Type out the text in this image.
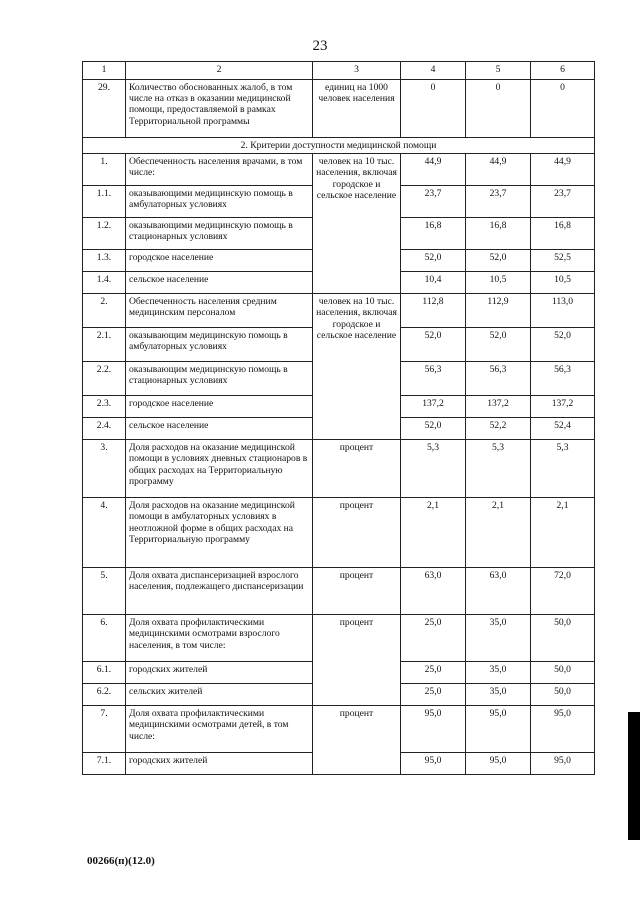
23
1	2	3	4	5	6
29.	Количество обоснованных жалоб, в том числе на отказ в оказании медицинской помощи, предоставляемой в рамках Территориальной программы	единиц на 1000 человек населения	0	0	0
2. Критерии доступности медицинской помощи					
1.	Обеспеченность населения врачами, в том числе:	человек на 10 тыс. населения, включая городское и сельское население	44,9	44,9	44,9
1.1.	оказывающими медицинскую помощь в амбулаторных условиях		23,7	23,7	23,7
1.2.	оказывающими медицинскую помощь в стационарных условиях		16,8	16,8	16,8
1.3.	городское население		52,0	52,0	52,5
1.4.	сельское население		10,4	10,5	10,5
2.	Обеспеченность населения средним медицинским персоналом	человек на 10 тыс. населения, включая городское и сельское население	112,8	112,9	113,0
2.1.	оказывающим медицинскую помощь в амбулаторных условиях		52,0	52,0	52,0
2.2.	оказывающим медицинскую помощь в стационарных условиях		56,3	56,3	56,3
2.3.	городское население		137,2	137,2	137,2
2.4.	сельское население		52,0	52,2	52,4
3.	Доля расходов на оказание медицинской помощи в условиях дневных стационаров в общих расходах на Территориальную программу	процент	5,3	5,3	5,3
4.	Доля расходов на оказание медицинской помощи в амбулаторных условиях в неотложной форме в общих расходах на Территориальную программу	процент	2,1	2,1	2,1
5.	Доля охвата диспансеризацией взрослого населения, подлежащего диспансеризации	процент	63,0	63,0	72,0
6.	Доля охвата профилактическими медицинскими осмотрами взрослого населения, в том числе:	процент	25,0	35,0	50,0
6.1.	городских жителей		25,0	35,0	50,0
6.2.	сельских жителей		25,0	35,0	50,0
7.	Доля охвата профилактическими медицинскими осмотрами детей, в том числе:	процент	95,0	95,0	95,0
7.1.	городских жителей		95,0	95,0	95,0
00266(п)(12.0)
